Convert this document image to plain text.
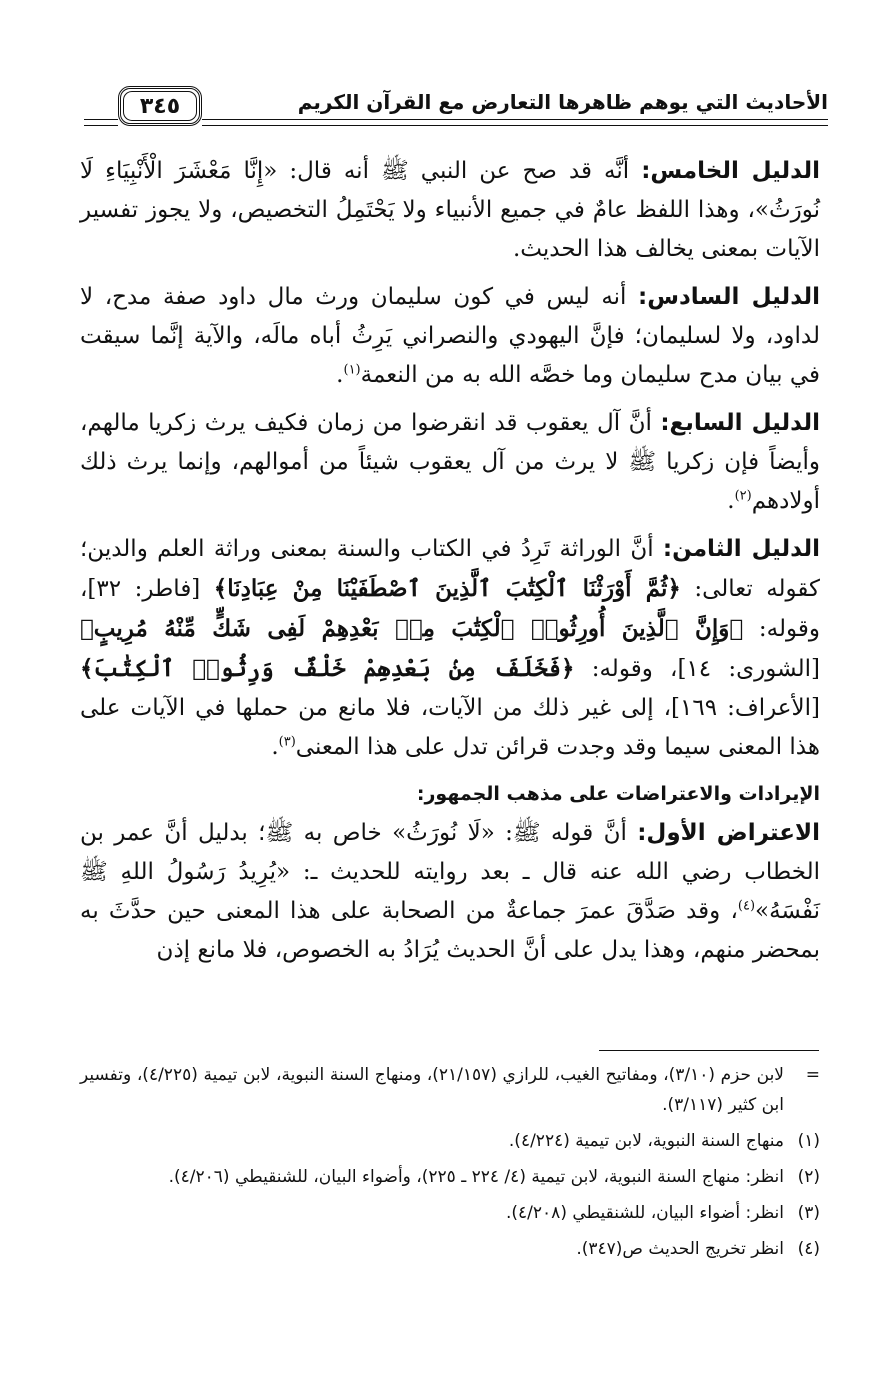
الأحاديث التي يوهم ظاهرها التعارض مع القرآن الكريم
٣٤٥

الدليل الخامس: أنَّه قد صح عن النبي ﷺ أنه قال: «إِنَّا مَعْشَرَ الْأَنْبِيَاءِ لَا نُورَثُ»، وهذا اللفظ عامٌ في جميع الأنبياء ولا يَحْتَمِلُ التخصيص، ولا يجوز تفسير الآيات بمعنى يخالف هذا الحديث.

الدليل السادس: أنه ليس في كون سليمان ورث مال داود صفة مدح، لا لداود، ولا لسليمان؛ فإنَّ اليهودي والنصراني يَرِثُ أباه مالَه، والآية إنَّما سيقت في بيان مدح سليمان وما خصَّه الله به من النعمة$^{(١)}$.

الدليل السابع: أنَّ آل يعقوب قد انقرضوا من زمان فكيف يرث زكريا مالهم، وأيضاً فإن زكريا ﷺ لا يرث من آل يعقوب شيئاً من أموالهم، وإنما يرث ذلك أولادهم$^{(٢)}$.

الدليل الثامن: أنَّ الوراثة تَرِدُ في الكتاب والسنة بمعنى وراثة العلم والدين؛ كقوله تعالى: ﴿ثُمَّ أَوْرَثْنَا ٱلْكِتَٰبَ ٱلَّذِينَ ٱصْطَفَيْنَا مِنْ عِبَادِنَا﴾ [فاطر: ٣٢]، وقوله: ﴿وَإِنَّ ٱلَّذِينَ أُورِثُوا۟ ٱلْكِتَٰبَ مِنۢ بَعْدِهِمْ لَفِى شَكٍّ مِّنْهُ مُرِيبٍ﴾ [الشورى: ١٤]، وقوله: ﴿فَخَلَفَ مِنۢ بَعْدِهِمْ خَلْفٌ وَرِثُوا۟ ٱلْكِتَٰبَ﴾ [الأعراف: ١٦٩]، إلى غير ذلك من الآيات، فلا مانع من حملها في الآيات على هذا المعنى سيما وقد وجدت قرائن تدل على هذا المعنى$^{(٣)}$.

الإيرادات والاعتراضات على مذهب الجمهور:

الاعتراض الأول: أنَّ قوله ﷺ: «لَا نُورَثُ» خاص به ﷺ؛ بدليل أنَّ عمر بن الخطاب رضي الله عنه قال ـ بعد روايته للحديث ـ: «يُرِيدُ رَسُولُ اللهِ ﷺ نَفْسَهُ»$^{(٤)}$، وقد صَدَّقَ عمرَ جماعةٌ من الصحابة على هذا المعنى حين حدَّثَ به بمحضر منهم، وهذا يدل على أنَّ الحديث يُرَادُ به الخصوص، فلا مانع إذن

=
لابن حزم (٣/١٠)، ومفاتيح الغيب، للرازي (٢١/١٥٧)، ومنهاج السنة النبوية، لابن تيمية (٤/٢٢٥)، وتفسير ابن كثير (٣/١١٧).
(١)
منهاج السنة النبوية، لابن تيمية (٤/٢٢٤).
(٢)
انظر: منهاج السنة النبوية، لابن تيمية (٤/ ٢٢٤ ـ ٢٢٥)، وأضواء البيان، للشنقيطي (٤/٢٠٦).
(٣)
انظر: أضواء البيان، للشنقيطي (٤/٢٠٨).
(٤)
انظر تخريج الحديث ص(٣٤٧).
